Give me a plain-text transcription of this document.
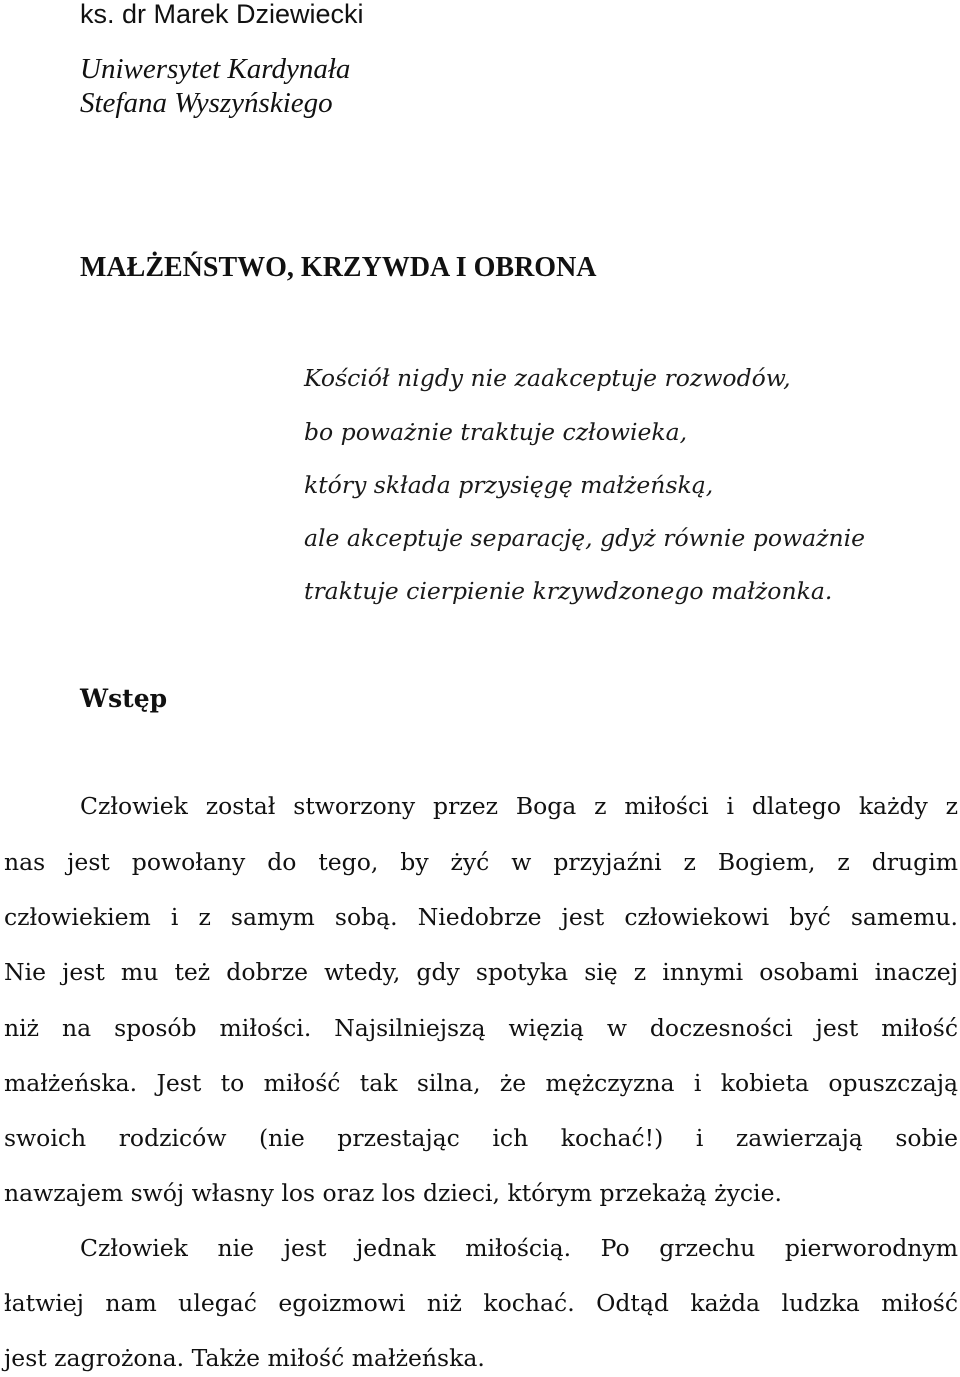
ks. dr Marek Dziewiecki
Uniwersytet Kardynała
Stefana Wyszyńskiego
MAŁŻEŃSTWO, KRZYWDA I OBRONA
Kościół nigdy nie zaakceptuje rozwodów,
bo poważnie traktuje człowieka,
który składa przysięgę małżeńską,
ale akceptuje separację, gdyż równie poważnie
traktuje cierpienie krzywdzonego małżonka.
Wstęp
Człowiek został stworzony przez Boga z miłości i dlatego każdy z
nas jest powołany do tego, by żyć w przyjaźni z Bogiem, z drugim
człowiekiem i z samym sobą. Niedobrze jest człowiekowi być samemu.
Nie jest mu też dobrze wtedy, gdy spotyka się z innymi osobami inaczej
niż na sposób miłości. Najsilniejszą więzią w doczesności jest miłość
małżeńska. Jest to miłość tak silna, że mężczyzna i kobieta opuszczają
swoich rodziców (nie przestając ich kochać!) i zawierzają sobie
nawzajem swój własny los oraz los dzieci, którym przekażą życie.
Człowiek nie jest jednak miłością. Po grzechu pierworodnym
łatwiej nam ulegać egoizmowi niż kochać. Odtąd każda ludzka miłość
jest zagrożona. Także miłość małżeńska.
